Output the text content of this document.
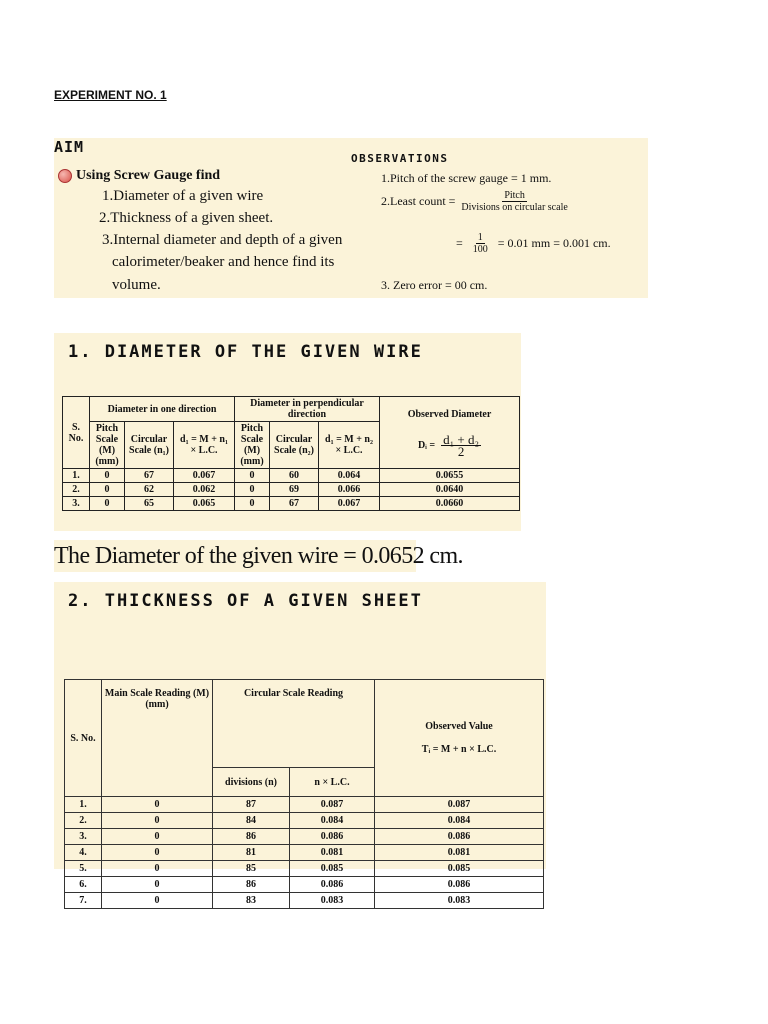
EXPERIMENT NO. 1
AIM
Using Screw Gauge find
1.Diameter of a given wire
2.Thickness of a given sheet.
3.Internal diameter and depth of a given
calorimeter/beaker and hence find its
volume.
OBSERVATIONS
1.Pitch of the screw gauge = 1 mm.
2.Least count = $\frac{\text{Pitch}}{\text{Divisions on circular scale}}$
= $\frac{1}{100} = 0.01$ mm = 0.001 cm.
3. Zero error = 00 cm.
1. DIAMETER OF THE GIVEN WIRE
S. No.	Diameter in one direction			Diameter in perpendicular direction			Observed Diameter
Dᵢ = $\frac{\text{d₁ + d₂}}{2}$

	Pitch Scale (M) (mm)	Circular Scale (n₁)	d₁ = M + n₁ × L.C.	Pitch Scale (M) (mm)	Circular Scale (n₂)	d₁ = M + n₂ × L.C.	
1.	0	67	0.067	0	60	0.064	0.0655
2.	0	62	0.062	0	69	0.066	0.0640
3.	0	65	0.065	0	67	0.067	0.0660
The Diameter of the given wire = 0.0652 cm.
2. THICKNESS OF A GIVEN SHEET
S. No.	Main Scale Reading (M) (mm)	Circular Scale Reading		Observed Value
Tᵢ = M + n × L.C.

		divisions (n)	n × L.C.	
1.	0	87	0.087	0.087
2.	0	84	0.084	0.084
3.	0	86	0.086	0.086
4.	0	81	0.081	0.081
5.	0	85	0.085	0.085
6.	0	86	0.086	0.086
7.	0	83	0.083	0.083
